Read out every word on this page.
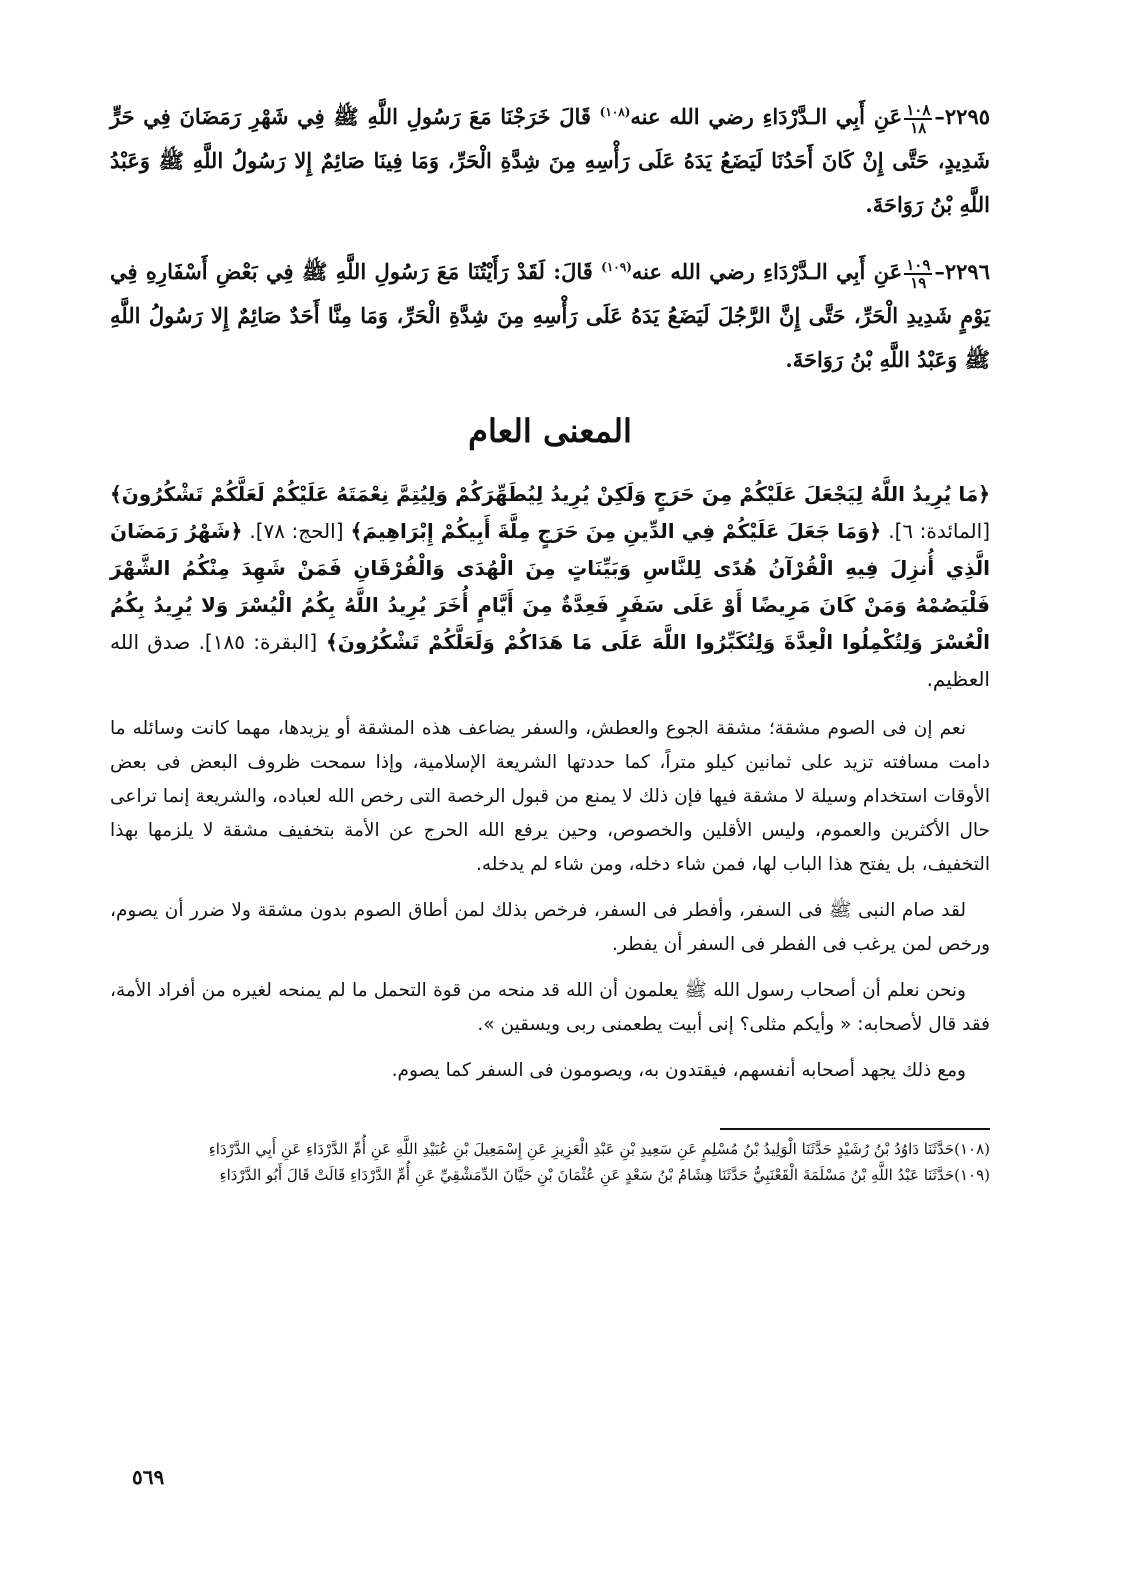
٢٢٩٥–
$\frac{١٠٨}{١٨}$
عَنِ أَبِي الـدَّرْدَاءِ رضي الله عنه$^{(١٠٨)}$ قَالَ خَرَجْنَا مَعَ رَسُولِ اللَّهِ ﷺ فِي شَهْرِ رَمَضَانَ فِي حَرٍّ شَدِيدٍ، حَتَّى إِنْ كَانَ أَحَدُنَا لَيَضَعُ يَدَهُ عَلَى رَأْسِهِ مِنَ شِدَّةِ الْحَرِّ، وَمَا فِينَا صَائِمٌ إِلا رَسُولُ اللَّهِ ﷺ وَعَبْدُ اللَّهِ بْنُ رَوَاحَةَ.

٢٢٩٦–
$\frac{١٠٩}{١٩}$
عَنِ أَبِي الـدَّرْدَاءِ رضي الله عنه$^{(١٠٩)}$ قَالَ: لَقَدْ رَأَيْتُنَا مَعَ رَسُولِ اللَّهِ ﷺ فِي بَعْضِ أَسْفَارِهِ فِي يَوْمٍ شَدِيدِ الْحَرِّ، حَتَّى إِنَّ الرَّجُلَ لَيَضَعُ يَدَهُ عَلَى رَأْسِهِ مِنَ شِدَّةِ الْحَرِّ، وَمَا مِنَّا أَحَدٌ صَائِمٌ إِلا رَسُولُ اللَّهِ ﷺ وَعَبْدُ اللَّهِ بْنُ رَوَاحَةَ.

المعنى العام

﴿مَا يُرِيدُ اللَّهُ لِيَجْعَلَ عَلَيْكُمْ مِنَ حَرَجٍ وَلَكِنْ يُرِيدُ لِيُطَهِّرَكُمْ وَلِيُتِمَّ نِعْمَتَهُ عَلَيْكُمْ لَعَلَّكُمْ تَشْكُرُونَ﴾ [المائدة: ٦]. ﴿وَمَا جَعَلَ عَلَيْكُمْ فِي الدِّينِ مِنَ حَرَجٍ مِلَّةَ أَبِيكُمْ إِبْرَاهِيمَ﴾ [الحج: ٧٨]. ﴿شَهْرُ رَمَضَانَ الَّذِي أُنزِلَ فِيهِ الْقُرْآنُ هُدًى لِلنَّاسِ وَبَيِّنَاتٍ مِنَ الْهُدَى وَالْفُرْقَانِ فَمَنْ شَهِدَ مِنْكُمُ الشَّهْرَ فَلْيَصُمْهُ وَمَنْ كَانَ مَرِيضًا أَوْ عَلَى سَفَرٍ فَعِدَّةٌ مِنَ أَيَّامٍ أُخَرَ يُرِيدُ اللَّهُ بِكُمُ الْيُسْرَ وَلا يُرِيدُ بِكُمُ الْعُسْرَ وَلِتُكْمِلُوا الْعِدَّةَ وَلِتُكَبِّرُوا اللَّهَ عَلَى مَا هَدَاكُمْ وَلَعَلَّكُمْ تَشْكُرُونَ﴾ [البقرة: ١٨٥]. صدق الله العظيم.

نعم إن فى الصوم مشقة؛ مشقة الجوع والعطش، والسفر يضاعف هذه المشقة أو يزيدها، مهما كانت وسائله ما دامت مسافته تزيد على ثمانين كيلو متراً، كما حددتها الشريعة الإسلامية، وإذا سمحت ظروف البعض فى بعض الأوقات استخدام وسيلة لا مشقة فيها فإن ذلك لا يمنع من قبول الرخصة التى رخص الله لعباده، والشريعة إنما تراعى حال الأكثرين والعموم، وليس الأقلين والخصوص، وحين يرفع الله الحرج عن الأمة بتخفيف مشقة لا يلزمها بهذا التخفيف، بل يفتح هذا الباب لها، فمن شاء دخله، ومن شاء لم يدخله.

لقد صام النبى ﷺ فى السفر، وأفطر فى السفر، فرخص بذلك لمن أطاق الصوم بدون مشقة ولا ضرر أن يصوم، ورخص لمن يرغب فى الفطر فى السفر أن يفطر.

ونحن نعلم أن أصحاب رسول الله ﷺ يعلمون أن الله قد منحه من قوة التحمل ما لم يمنحه لغيره من أفراد الأمة، فقد قال لأصحابه: « وأيكم مثلى؟ إنى أبيت يطعمنى ربى ويسقين ».

ومع ذلك يجهد أصحابه أنفسهم، فيقتدون به، ويصومون فى السفر كما يصوم.

(١٠٨)حَدَّثَنَا دَاوُدُ بْنُ رُشَيْدٍ حَدَّثَنَا الْوَلِيدُ بْنُ مُسْلِمٍ عَنِ سَعِيدِ بْنِ عَبْدِ الْعَزِيزِ عَنِ إِسْمَعِيلَ بْنِ عُبَيْدِ اللَّهِ عَنِ أُمِّ الدَّرْدَاءِ عَنِ أَبِي الدَّرْدَاءِ

(١٠٩)حَدَّثَنَا عَبْدُ اللَّهِ بْنُ مَسْلَمَةَ الْقَعْنَبِيُّ حَدَّثَنَا هِشَامُ بْنُ سَعْدٍ عَنِ عُثْمَانَ بْنِ حَيَّانَ الدِّمَشْقِيِّ عَنِ أُمِّ الدَّرْدَاءِ قَالَتْ قَالَ أَبُو الدَّرْدَاءِ

٥٦٩
